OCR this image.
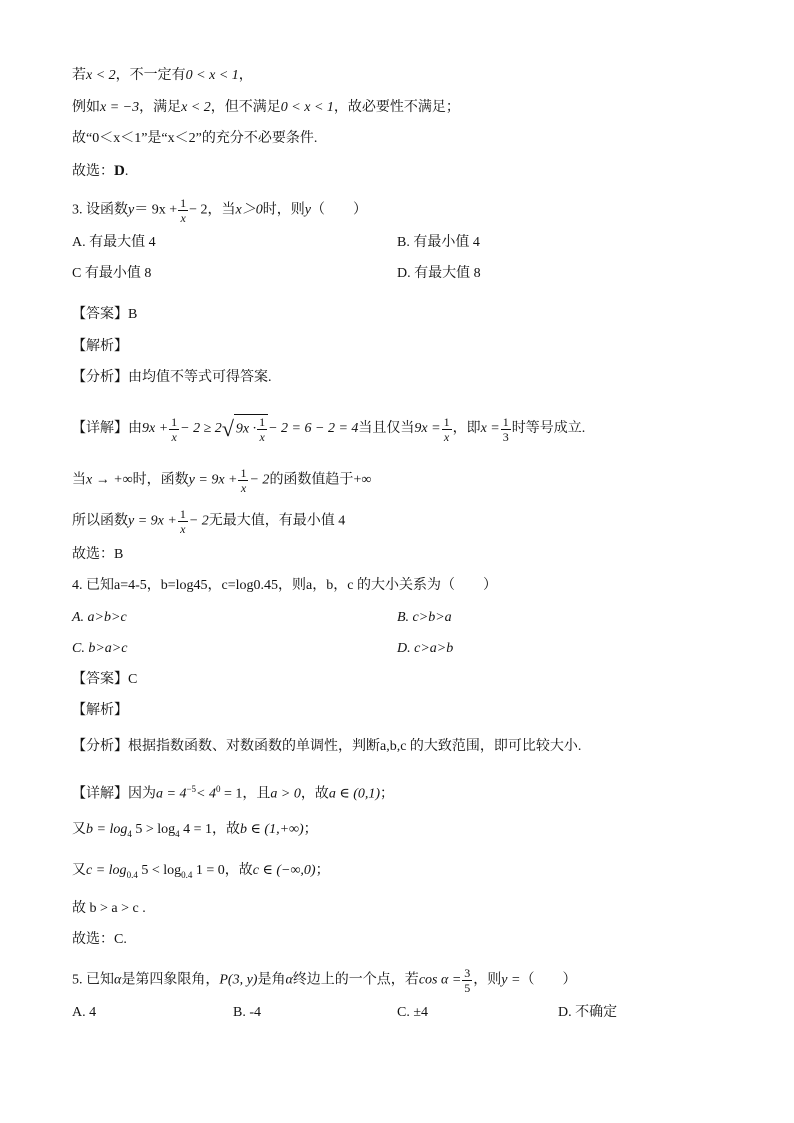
若x < 2，不一定有0 < x < 1，
例如x = −3，满足x < 2，但不满足0 < x < 1，故必要性不满足；
故“0＜x＜1”是“x＜2”的充分不必要条件.
故选：D.
3. 设函数$y= 9x + \frac{1}{x} - 2$，当x＞0时，则y（　　）
A. 有最大值 4	B. 有最小值 4
C 有最小值 8	D. 有最大值 8
【答案】B
【解析】
【分析】由均值不等式可得答案.
【详解】由$9x + \frac{1}{x} - 2 \ge 2√$ $9x \cdot \frac{1}{x} - 2 = 6 - 2 = 4$当且仅当$9x = \frac{1}{x}$ ，即$x = \frac{1}{3}$ 时等号成立.
当x → +∞时，函数$y = 9x + \frac{1}{x} - 2$的函数值趋于+∞
所以函数$y = 9x + \frac{1}{x} - 2$无最大值，有最小值 4
故选：B
4. 已知a=4-5，b=log45，c=log0.45，则a，b，c 的大小关系为（　　）
A. a>b>c	B. c>b>a
C. b>a>c	D. c>a>b
【答案】C
【解析】
【分析】根据指数函数、对数函数的单调性，判断a,b,c 的大致范围，即可比较大小.
【详解】因为$a = 4^{-5}< 4^0 = 1$，且a > 0，故a ∈ (0,1)；
又$b = \log_4 5 > \log_4 4 = 1$，故b ∈ (1,+∞)；
又$c = \log_{0.4} 5 < \log_{0.4} 1 = 0$，故c ∈ (−∞,0)；
故 b > a > c .
故选：C.
5. 已知α是第四象限角，P(3, y)是角α终边上的一个点，若$\cos \alpha = \frac{3}{5}$ ，则y =（　　）
A. 4	B. -4	C. ±4	D. 不确定
